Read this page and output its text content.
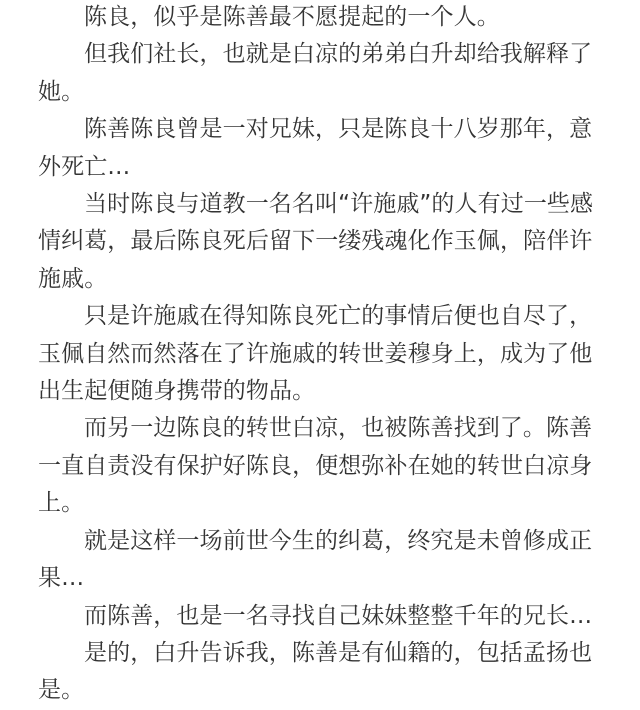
陈良，似乎是陈善最不愿提起的一个人。

但我们社长，也就是白凉的弟弟白升却给我解释了她。

陈善陈良曾是一对兄妹，只是陈良十八岁那年，意外死亡…

当时陈良与道教一名名叫“许施戚”的人有过一些感情纠葛，最后陈良死后留下一缕残魂化作玉佩，陪伴许施戚。

只是许施戚在得知陈良死亡的事情后便也自尽了，玉佩自然而然落在了许施戚的转世姜穆身上，成为了他出生起便随身携带的物品。

而另一边陈良的转世白凉，也被陈善找到了。陈善一直自责没有保护好陈良，便想弥补在她的转世白凉身上。

就是这样一场前世今生的纠葛，终究是未曾修成正果…

而陈善，也是一名寻找自己妹妹整整千年的兄长…

是的，白升告诉我，陈善是有仙籍的，包括孟扬也是。
